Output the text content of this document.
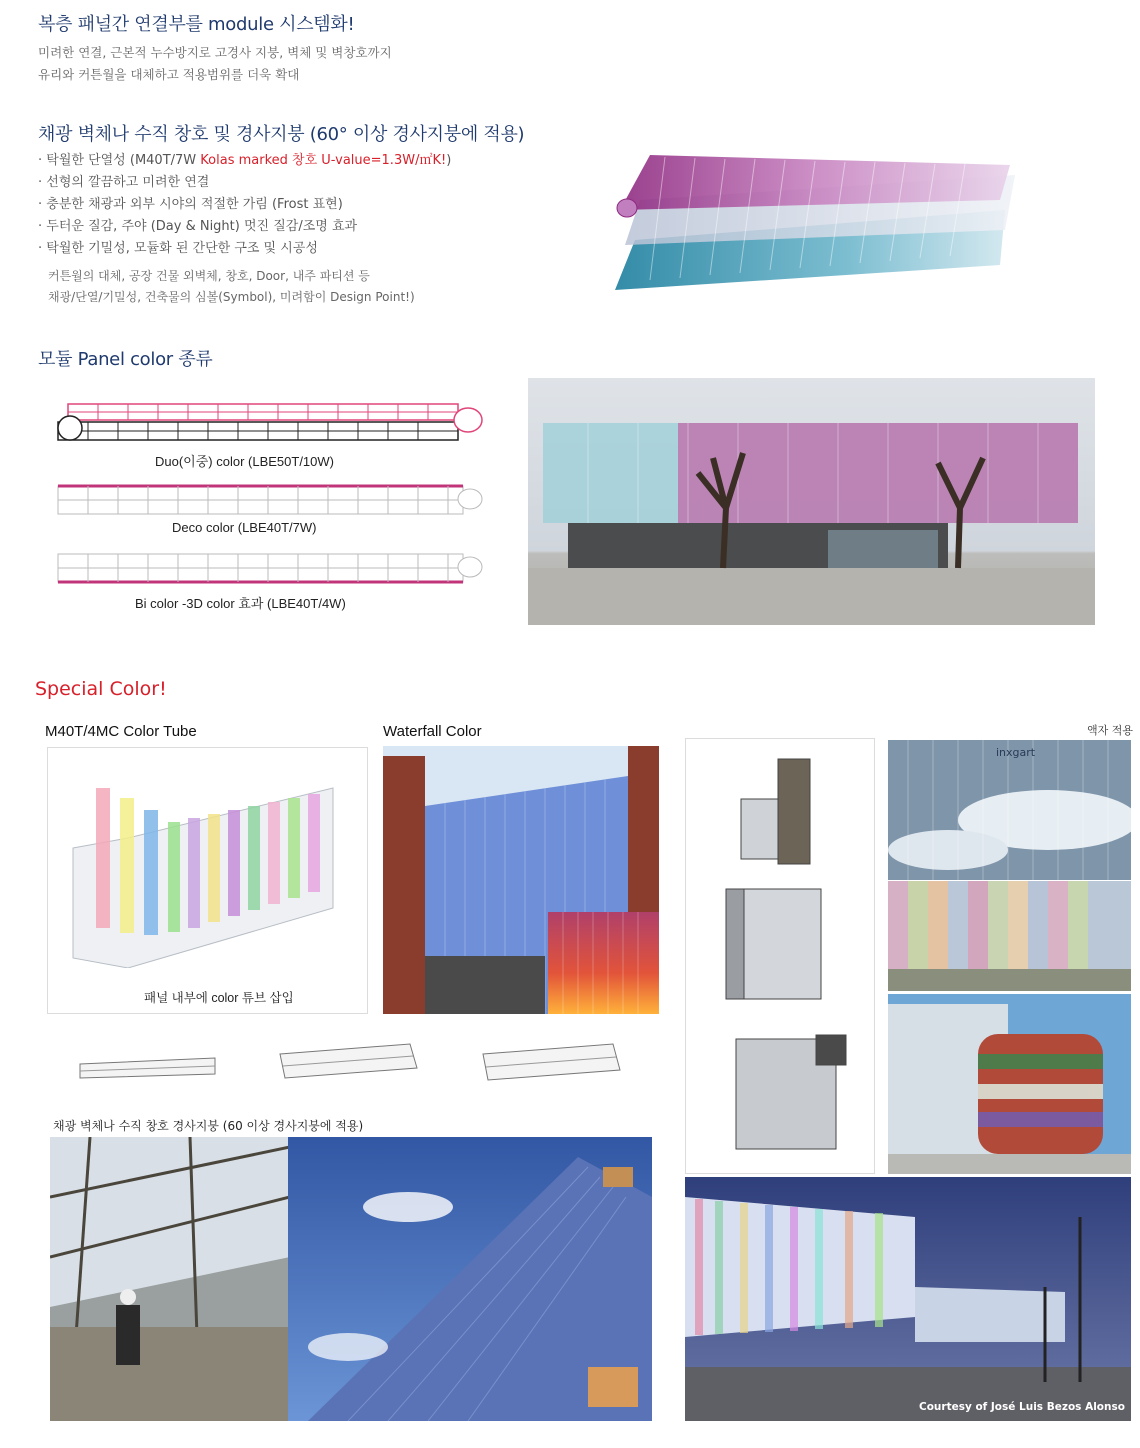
복층 패널간 연결부를 module 시스템화!
미려한 연결, 근본적 누수방지로 고경사 지붕, 벽체 및 벽창호까지
유리와 커튼월을 대체하고 적용범위를 더욱 확대
채광 벽체나 수직 창호 및 경사지붕 (60° 이상 경사지붕에 적용)
· 탁월한 단열성 (M40T/7W Kolas marked 창호 U-value=1.3W/㎡K!)
· 선형의 깔끔하고 미려한 연결
· 충분한 채광과 외부 시야의 적절한 가림 (Frost 표현)
· 두터운 질감, 주야 (Day & Night) 멋진 질감/조명 효과
· 탁월한 기밀성, 모듈화 된 간단한 구조 및 시공성
커튼월의 대체, 공장 건물 외벽체, 창호, Door, 내주 파티션 등
채광/단열/기밀성, 건축물의 심볼(Symbol), 미려함이 Design Point!)
모듈 Panel color 종류
Duo(이중) color (LBE50T/10W)
Deco color (LBE40T/7W)
Bi color -3D color 효과 (LBE40T/4W)
Special Color!
M40T/4MC Color Tube	Waterfall Color	액자 적용
패널 내부에 color 튜브 삽입
채광 벽체나 수직 창호 경사지붕 (60 이상 경사지붕에 적용)
inxgart
Courtesy of José Luis Bezos Alonso
